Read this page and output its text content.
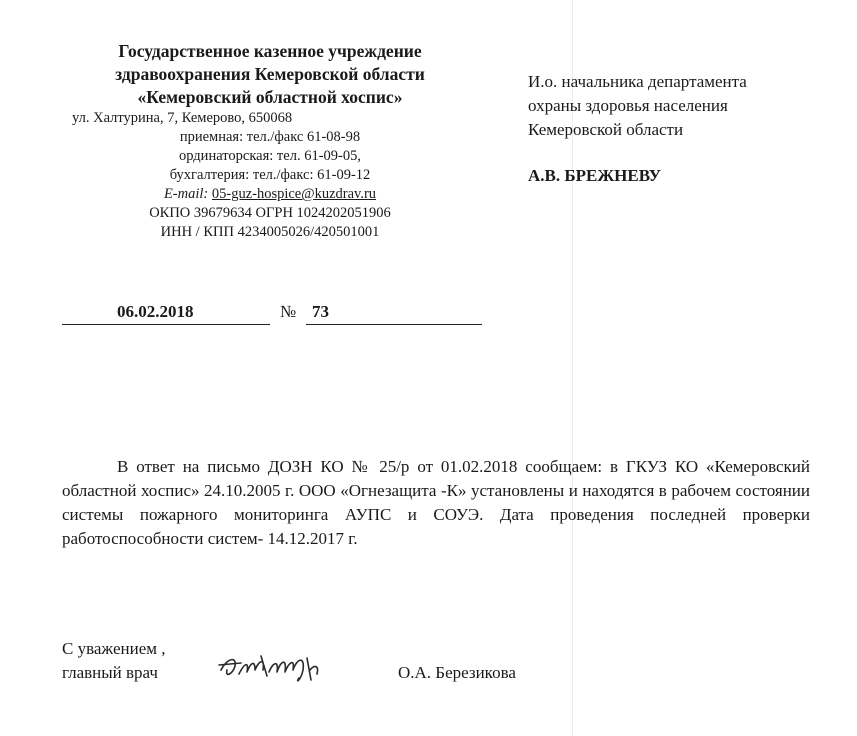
Государственное казенное учреждение
здравоохранения Кемеровской области
«Кемеровский областной хоспис»
ул. Халтурина, 7, Кемерово, 650068
приемная: тел./факс 61-08-98
ординаторская: тел. 61-09-05,
бухгалтерия: тел./факс: 61-09-12
E-mail: 05-guz-hospice@kuzdrav.ru
ОКПО 39679634 ОГРН 1024202051906
ИНН / КПП 4234005026/420501001
06.02.2018	№ 73
И.о. начальника департамента
охраны здоровья населения
Кемеровской области
А.В. БРЕЖНЕВУ
В ответ на письмо ДОЗН КО № 25/р от 01.02.2018 сообщаем: в ГКУЗ КО «Кемеровский областной хоспис» 24.10.2005 г. ООО «Огнезащита -К» установлены и находятся в рабочем состоянии системы пожарного мониторинга АУПС и СОУЭ. Дата проведения последней проверки работоспособности систем- 14.12.2017 г.
С уважением ,
главный врач	О.А. Березикова
